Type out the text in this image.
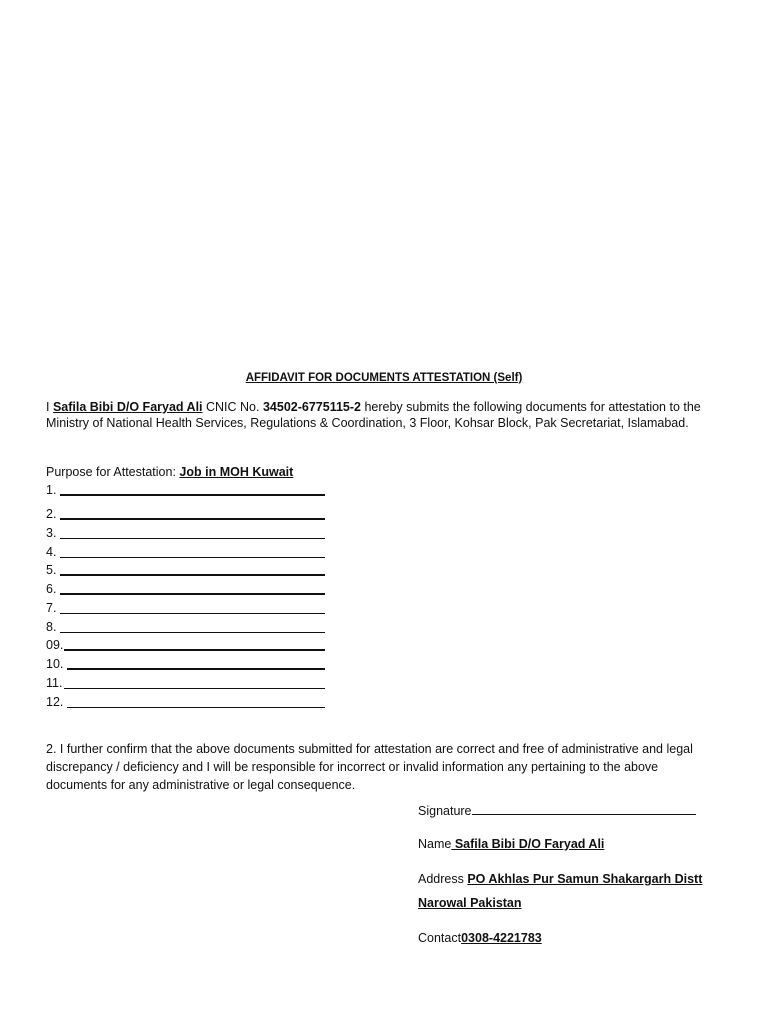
AFFIDAVIT FOR DOCUMENTS ATTESTATION (Self)
I Safila Bibi D/O Faryad Ali CNIC No. 34502-6775115-2 hereby submits the following documents for attestation to the Ministry of National Health Services, Regulations & Coordination, 3 Floor, Kohsar Block, Pak Secretariat, Islamabad.
Purpose for Attestation: Job in MOH Kuwait
1.
2.
3.
4.
5.
6.
7.
8.
09.
10.
11.
12.
2. I further confirm that the above documents submitted for attestation are correct and free of administrative and legal discrepancy / deficiency and I will be responsible for incorrect or invalid information any pertaining to the above documents for any administrative or legal consequence.
Signature
Name Safila Bibi D/O Faryad Ali
Address PO Akhlas Pur Samun Shakargarh Distt
Narowal Pakistan
Contact0308-4221783
